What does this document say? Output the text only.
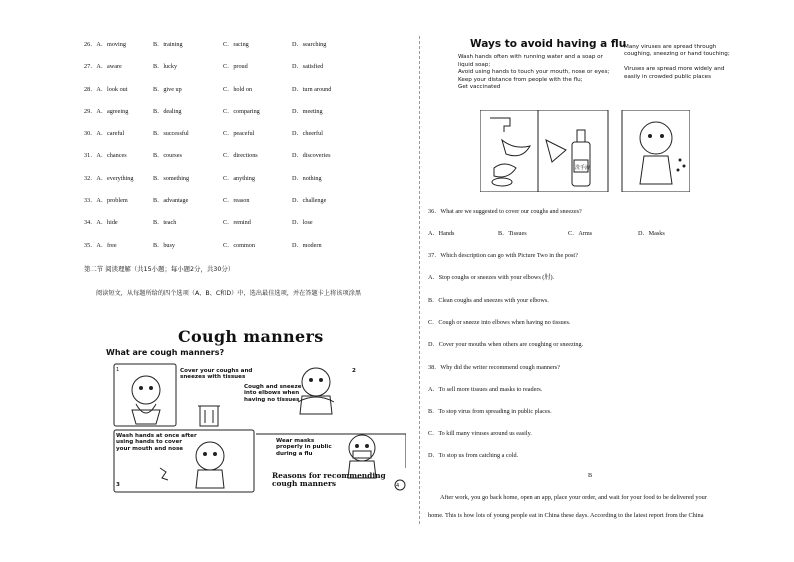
26．A．moving	B．training	C．racing	D．searching
27．A．aware	B．lucky	C．proud	D．satisfied
28．A．look out	B．give up	C．hold on	D．turn around
29．A．agreeing	B．dealing	C．comparing	D．meeting
30．A．careful	B．successful	C．peaceful	D．cheerful
31．A．chances	B．courses	C．directions	D．discoveries
32．A．everything	B．something	C．anything	D．nothing
33．A．problem	B．advantage	C．reason	D．challenge
34．A．hide	B．teach	C．remind	D．lose
35．A．free	B．busy	C．common	D．modern
第二节 阅读理解（共15小题；每小题2分，共30分）
阅读短文，从每题所给的四个选项（A、B、C和D）中，选出最佳选项，并在答题卡上将该项涂黑
Cough manners
What are cough manners?
1
4
Cover your coughs and
sneezes with tissues
Cough and sneeze
into elbows when
having no tissues
Wash hands at once after
using hands to cover
your mouth and nose
Wear masks
properly in public
during a flu
3
2
Reasons for recommending
cough manners
Ways to avoid having a flu
Wash hands often with running water and a soap or
liquid soap;
Avoid using hands to touch your mouth, nose or eyes;
Keep your distance from people with the flu;
Get vaccinated
Many viruses are spread through
coughing, sneezing or hand touching;

Viruses are spread more widely and
easily in crowded public places
洗手液
36．What are we suggested to cover our coughs and sneezes?
A．Hands	B．Tissues	C．Arms	D．Masks
37．Which description can go with Picture Two in the post?
A．Stop coughs or sneezes with your elbows (肘).
B．Clean coughs and sneezes with your elbows.
C．Cough or sneeze into elbows when having no tissues.
D．Cover your mouths when others are coughing or sneezing.
38．Why did the writer recommend cough manners?
A．To sell more tissues and masks to readers.
B．To stop virus from spreading in public places.
C．To kill many viruses around us easily.
D．To stop us from catching a cold.
B
After work, you go back home, open an app, place your order, and wait for your food to be delivered your
home. This is how lots of young people eat in China these days. According to the latest report from the China
